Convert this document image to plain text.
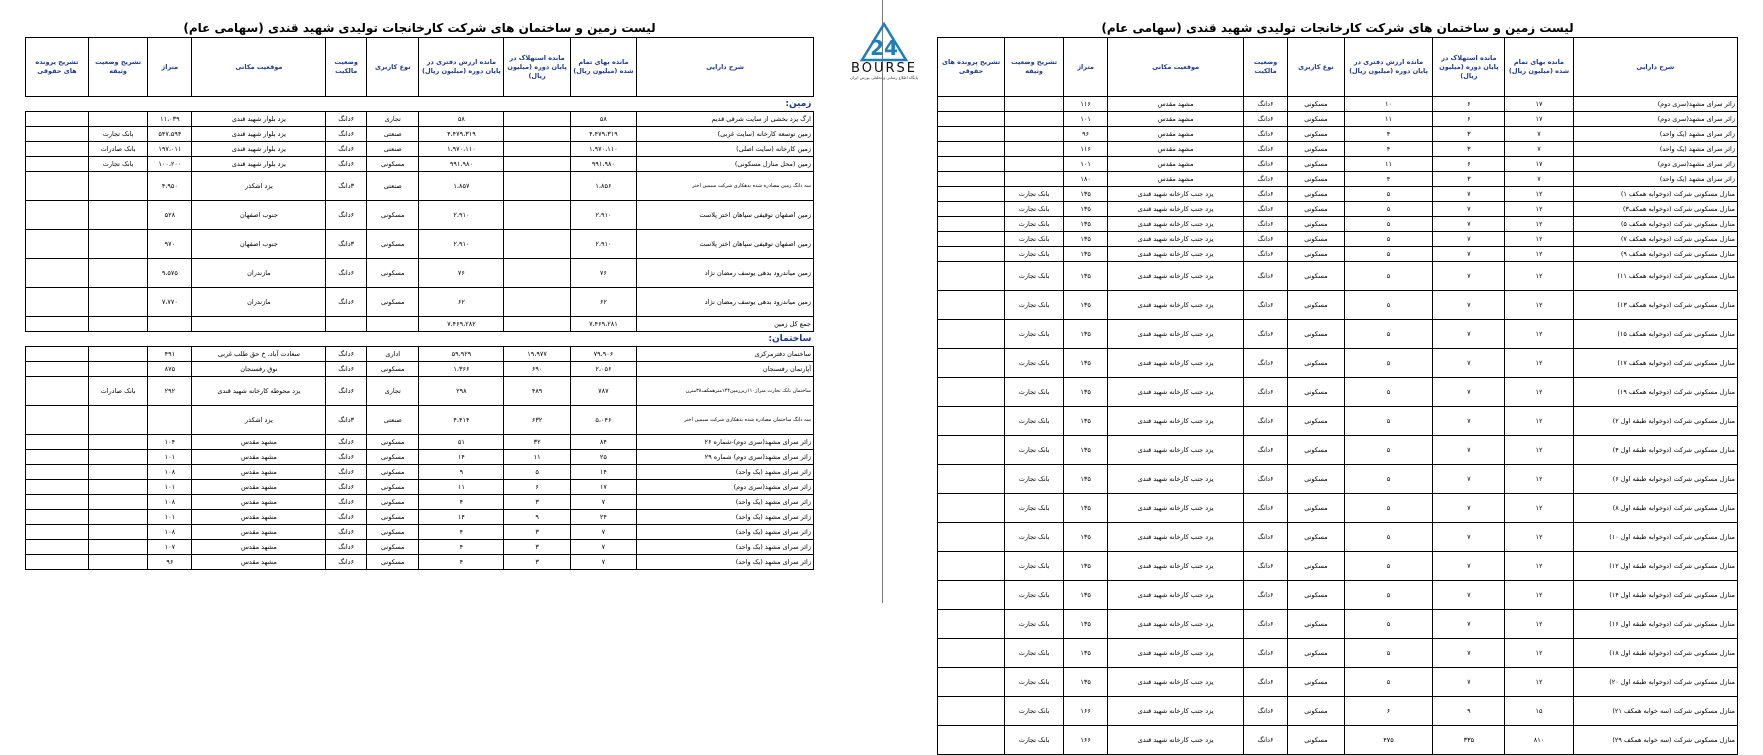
24
BOURSE
پایگاه اطلاع رسانی و تحلیلی بورس ایران
لیست زمین و ساختمان های شرکت کارخانجات تولیدی شهید قندی (سهامی عام)
شرح دارایی	مانده بهای تمام شده (میلیون ریال)	مانده استهلاک در پایان دوره (میلیون ریال)	مانده ارزش دفتری در پایان دوره (میلیون ریال)	نوع کاربری	وضعیت مالکیت	موقعیت مکانی	متراژ	تشریح وضعیت وثیقه	تشریح پرونده های حقوقی
زمین:									
ارگ یزد بخشی از سایت شرقی قدیم	۵۸		۵۸	تجاری	۶دانگ	یزد بلوار شهید قندی	۱۱،۰۳۹		
زمین توسعه کارخانه (سایت غربی)	۴،۴۷۹،۳۱۹		۴،۴۷۹،۳۱۹	صنعتی	۶دانگ	یزد بلوار شهید قندی	۵۴۷،۵۹۴	بانک تجارت	
زمین کارخانه (سایت اصلی)	۱،۹۷۰،۱۱۰		۱،۹۷۰،۱۱۰	صنعتی	۶دانگ	یزد بلوار شهید قندی	۱۹۷،۰۱۱	بانک صادرات	
زمین (محل منازل مسکونی)	۹۹۱،۹۸۰		۹۹۱،۹۸۰	مسکونی	۶دانگ	یزد بلوار شهید قندی	۱۰۰،۲۰۰	بانک تجارت	
سه دانگ زمین مصادره شده بدهکاری شرکت سیمین اختر	۱،۸۵۶		۱،۸۵۷	صنعتی	۳دانگ	یزد اشکذر	۴،۹۵۰		
زمین اصفهان توقیفی سپاهان اختر پلاست	۲،۹۱۰		۲،۹۱۰	مسکونی	۶دانگ	جنوب اصفهان	۵۲۸		
زمین اصفهان توقیفی سپاهان اختر پلاست	۲،۹۱۰		۲،۹۱۰	مسکونی	۳دانگ	جنوب اصفهان	۹۷۰		
زمین میاندرود بدهی یوسف رمضان نژاد	۷۶		۷۶	مسکونی	۶دانگ	مازندران	۹،۵۷۵		
زمین میاندرود بدهی یوسف رمضان نژاد	۶۲		۶۲	مسکونی	۶دانگ	مازندران	۷،۷۷۰		
جمع کل زمین	۷،۴۶۹،۲۸۱		۷،۴۶۹،۲۸۲						
ساختمان:									
ساختمان دفترمرکزی	۷۹،۹۰۶	۱۹،۹۷۷	۵۹،۹۲۹	اداری	۶دانگ	سعادت آباد، خ حق طلب غربی	۴۹۱		
آپارتمان رفسنجان	۲،۰۵۶	۶۹۰	۱،۳۶۶	مسکونی	۶دانگ	نوق رفسنجان	۸۷۵		
ساختمان بانک تجارت متراژ۱۱۰زیرزمین۱۴۴مترهمکف۳۸مترن	۷۸۷	۴۸۹	۲۹۸	تجاری	۶دانگ	یزد محوطه کارخانه شهید قندی	۲۹۲	بانک صادرات	
سه دانگ ساختمان مصادره شده بدهکاری شرکت سیمین اختر	۵،۰۴۶	۶۳۲	۴،۴۱۴	صنعتی	۳دانگ	یزد اشکذر			
زائر سرای مشهد(سری دوم)-شماره ۲۶	۸۴	۳۲	۵۱	مسکونی	۶دانگ	مشهد مقدس	۱۰۴		
زائر سرای مشهد(سری دوم) شماره ۲۹	۲۵	۱۱	۱۴	مسکونی	۶دانگ	مشهد مقدس	۱۰۱		
زائر سرای مشهد (یک واحد)	۱۴	۵	۹	مسکونی	۶دانگ	مشهد مقدس	۱۰۸		
زائر سرای مشهد(سری دوم)	۱۷	۶	۱۱	مسکونی	۶دانگ	مشهد مقدس	۱۰۱		
زائر سرای مشهد (یک واحد)	۷	۳	۴	مسکونی	۶دانگ	مشهد مقدس	۱۰۸		
زائر سرای مشهد (یک واحد)	۲۴	۹	۱۴	مسکونی	۶دانگ	مشهد مقدس	۱۰۱		
زائر سرای مشهد (یک واحد)	۷	۳	۴	مسکونی	۶دانگ	مشهد مقدس	۱۰۸		
زائر سرای مشهد (یک واحد)	۷	۳	۴	مسکونی	۶دانگ	مشهد مقدس	۱۰۷		
زائر سرای مشهد (یک واحد)	۷	۳	۴	مسکونی	۶دانگ	مشهد مقدس	۹۶		
لیست زمین و ساختمان های شرکت کارخانجات تولیدی شهید قندی (سهامی عام)
شرح دارایی	مانده بهای تمام شده (میلیون ریال)	مانده استهلاک در پایان دوره (میلیون ریال)	مانده ارزش دفتری در پایان دوره (میلیون ریال)	نوع کاربری	وضعیت مالکیت	موقعیت مکانی	متراژ	تشریح وضعیت وثیقه	تشریح پرونده های حقوقی
زائر سرای مشهد(سری دوم)	۱۷	۶	۱۰	مسکونی	۶دانگ	مشهد مقدس	۱۱۶		
زائر سرای مشهد(سری دوم)	۱۷	۶	۱۱	مسکونی	۶دانگ	مشهد مقدس	۱۰۱		
زائر سرای مشهد (یک واحد)	۷	۳	۴	مسکونی	۶دانگ	مشهد مقدس	۹۶		
زائر سرای مشهد (یک واحد)	۷	۳	۴	مسکونی	۶دانگ	مشهد مقدس	۱۱۶		
زائر سرای مشهد(سری دوم)	۱۷	۶	۱۱	مسکونی	۶دانگ	مشهد مقدس	۱۰۱		
زائر سرای مشهد (یک واحد)	۷	۳	۴	مسکونی	۶دانگ	مشهد مقدس	۱۸۰		
منازل مسکونی شرکت (دوخوابه همکف ۱)	۱۲	۷	۵	مسکونی	۶دانگ	یزد جنب کارخانه شهید قندی	۱۳۵	بانک تجارت	
منازل مسکونی شرکت (دوخوابه همکف۳)	۱۲	۷	۵	مسکونی	۶دانگ	یزد جنب کارخانه شهید قندی	۱۳۵	بانک تجارت	
منازل مسکونی شرکت (دوخوابه همکف ۵)	۱۲	۷	۵	مسکونی	۶دانگ	یزد جنب کارخانه شهید قندی	۱۳۵	بانک تجارت	
منازل مسکونی شرکت (دوخوابه همکف ۷)	۱۲	۷	۵	مسکونی	۶دانگ	یزد جنب کارخانه شهید قندی	۱۳۵	بانک تجارت	
منازل مسکونی شرکت (دوخوابه همکف ۹)	۱۲	۷	۵	مسکونی	۶دانگ	یزد جنب کارخانه شهید قندی	۱۳۵	بانک تجارت	
منازل مسکونی شرکت (دوخوابه همکف ۱۱)	۱۲	۷	۵	مسکونی	۶دانگ	یزد جنب کارخانه شهید قندی	۱۳۵	بانک تجارت	
منازل مسکونی شرکت (دوخوابه همکف ۱۳)	۱۲	۷	۵	مسکونی	۶دانگ	یزد جنب کارخانه شهید قندی	۱۳۵	بانک تجارت	
منازل مسکونی شرکت (دوخوابه همکف ۱۵)	۱۲	۷	۵	مسکونی	۶دانگ	یزد جنب کارخانه شهید قندی	۱۳۵	بانک تجارت	
منازل مسکونی شرکت (دوخوابه همکف ۱۷)	۱۲	۷	۵	مسکونی	۶دانگ	یزد جنب کارخانه شهید قندی	۱۳۵	بانک تجارت	
منازل مسکونی شرکت (دوخوابه همکف ۱۹)	۱۲	۷	۵	مسکونی	۶دانگ	یزد جنب کارخانه شهید قندی	۱۳۵	بانک تجارت	
منازل مسکونی شرکت (دوخوابه طبقه اول ۲)	۱۲	۷	۵	مسکونی	۶دانگ	یزد جنب کارخانه شهید قندی	۱۳۵	بانک تجارت	
منازل مسکونی شرکت (دوخوابه طبقه اول ۴)	۱۲	۷	۵	مسکونی	۶دانگ	یزد جنب کارخانه شهید قندی	۱۳۵	بانک تجارت	
منازل مسکونی شرکت (دوخوابه طبقه اول ۶)	۱۲	۷	۵	مسکونی	۶دانگ	یزد جنب کارخانه شهید قندی	۱۳۵	بانک تجارت	
منازل مسکونی شرکت (دوخوابه طبقه اول ۸)	۱۲	۷	۵	مسکونی	۶دانگ	یزد جنب کارخانه شهید قندی	۱۳۵	بانک تجارت	
منازل مسکونی شرکت (دوخوابه طبقه اول ۱۰)	۱۲	۷	۵	مسکونی	۶دانگ	یزد جنب کارخانه شهید قندی	۱۳۵	بانک تجارت	
منازل مسکونی شرکت (دوخوابه طبقه اول ۱۲)	۱۲	۷	۵	مسکونی	۶دانگ	یزد جنب کارخانه شهید قندی	۱۳۵	بانک تجارت	
منازل مسکونی شرکت (دوخوابه طبقه اول ۱۴)	۱۲	۷	۵	مسکونی	۶دانگ	یزد جنب کارخانه شهید قندی	۱۳۵	بانک تجارت	
منازل مسکونی شرکت (دوخوابه طبقه اول ۱۶)	۱۲	۷	۵	مسکونی	۶دانگ	یزد جنب کارخانه شهید قندی	۱۳۵	بانک تجارت	
منازل مسکونی شرکت (دوخوابه طبقه اول ۱۸)	۱۲	۷	۵	مسکونی	۶دانگ	یزد جنب کارخانه شهید قندی	۱۳۵	بانک تجارت	
منازل مسکونی شرکت (دوخوابه طبقه اول ۲۰)	۱۲	۷	۵	مسکونی	۶دانگ	یزد جنب کارخانه شهید قندی	۱۳۵	بانک تجارت	
منازل مسکونی شرکت (سه خوابه همکف ۲۱)	۱۵	۹	۶	مسکونی	۶دانگ	یزد جنب کارخانه شهید قندی	۱۶۶	بانک تجارت	
منازل مسکونی شرکت (سه خوابه همکف ۲۹)	۸۱۰	۳۳۵	۴۷۵	مسکونی	۶دانگ	یزد جنب کارخانه شهید قندی	۱۶۶	بانک تجارت	
